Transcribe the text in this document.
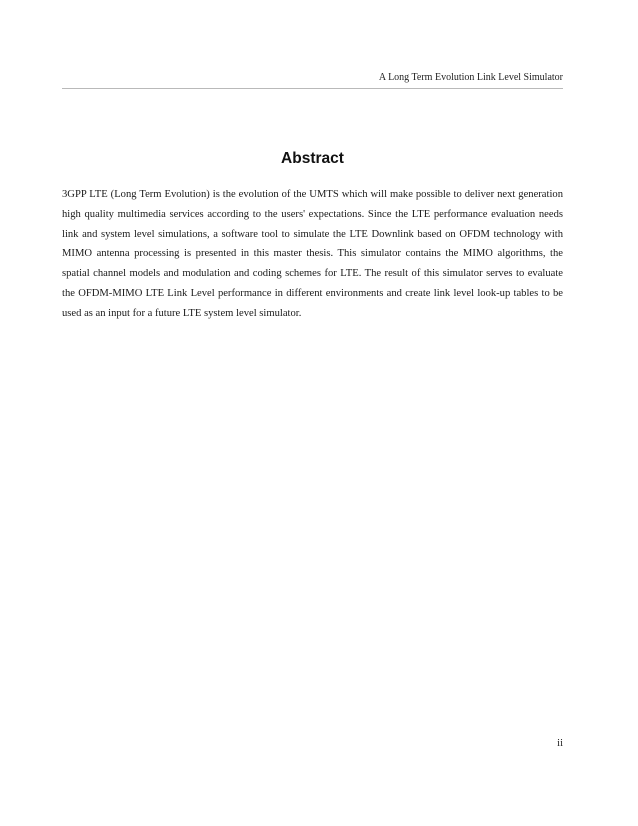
A Long Term Evolution Link Level Simulator
Abstract

3GPP LTE (Long Term Evolution) is the evolution of the UMTS which will make possible to deliver next generation high quality multimedia services according to the users' expectations. Since the LTE performance evaluation needs link and system level simulations, a software tool to simulate the LTE Downlink based on OFDM technology with MIMO antenna processing is presented in this master thesis. This simulator contains the MIMO algorithms, the spatial channel models and modulation and coding schemes for LTE. The result of this simulator serves to evaluate the OFDM-MIMO LTE Link Level performance in different environments and create link level look-up tables to be used as an input for a future LTE system level simulator.

ii
